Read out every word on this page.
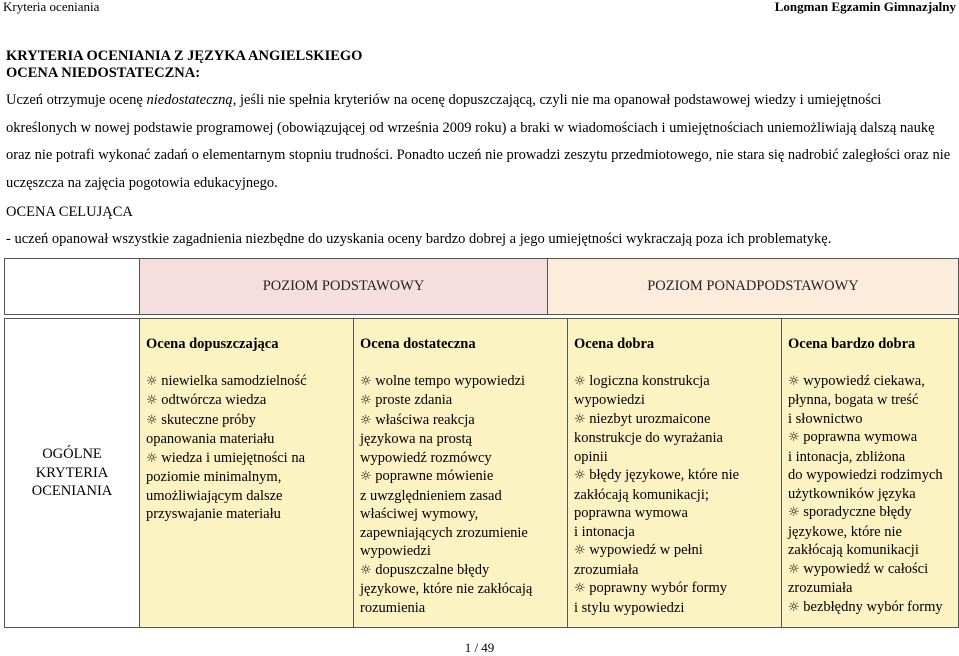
Kryteria oceniania	Longman Egzamin Gimnazjalny
KRYTERIA OCENIANIA Z JĘZYKA ANGIELSKIEGO
OCENA NIEDOSTATECZNA:
Uczeń otrzymuje ocenę niedostateczną, jeśli nie spełnia kryteriów na ocenę dopuszczającą, czyli nie ma opanował podstawowej wiedzy i umiejętności określonych w nowej podstawie programowej (obowiązującej od września 2009 roku) a braki w wiadomościach i umiejętnościach uniemożliwiają dalszą naukę oraz nie potrafi wykonać zadań o elementarnym stopniu trudności. Ponadto uczeń nie prowadzi zeszytu przedmiotowego, nie stara się nadrobić zaległości oraz nie uczęszcza na zajęcia pogotowia edukacyjnego.
OCENA CELUJĄCA
- uczeń opanował wszystkie zagadnienia niezbędne do uzyskania oceny bardzo dobrej a jego umiejętności wykraczają poza ich problematykę.
	POZIOM PODSTAWOWY	POZIOM PONADPODSTAWOWY
OGÓLNE
KRYTERIA
OCENIANIA

Ocena dopuszczająca
☼ niewielka samodzielność
☼ odtwórcza wiedza
☼ skuteczne próby
opanowania materiału
☼ wiedza i umiejętności na
poziomie minimalnym,
umożliwiającym dalsze
przyswajanie materiału

Ocena dostateczna
☼ wolne tempo wypowiedzi
☼ proste zdania
☼ właściwa reakcja
językowa na prostą
wypowiedź rozmówcy
☼ poprawne mówienie
z uwzględnieniem zasad
właściwej wymowy,
zapewniających zrozumienie
wypowiedzi
☼ dopuszczalne błędy
językowe, które nie zakłócają
rozumienia

Ocena dobra
☼ logiczna konstrukcja
wypowiedzi
☼ niezbyt urozmaicone
konstrukcje do wyrażania
opinii
☼ błędy językowe, które nie
zakłócają komunikacji;
poprawna wymowa
i intonacja
☼ wypowiedź w pełni
zrozumiała
☼ poprawny wybór formy
i stylu wypowiedzi

Ocena bardzo dobra
☼ wypowiedź ciekawa,
płynna, bogata w treść
i słownictwo
☼ poprawna wymowa
i intonacja, zbliżona
do wypowiedzi rodzimych
użytkowników języka
☼ sporadyczne błędy
językowe, które nie
zakłócają komunikacji
☼ wypowiedź w całości
zrozumiała
☼ bezbłędny wybór formy
1 / 49
